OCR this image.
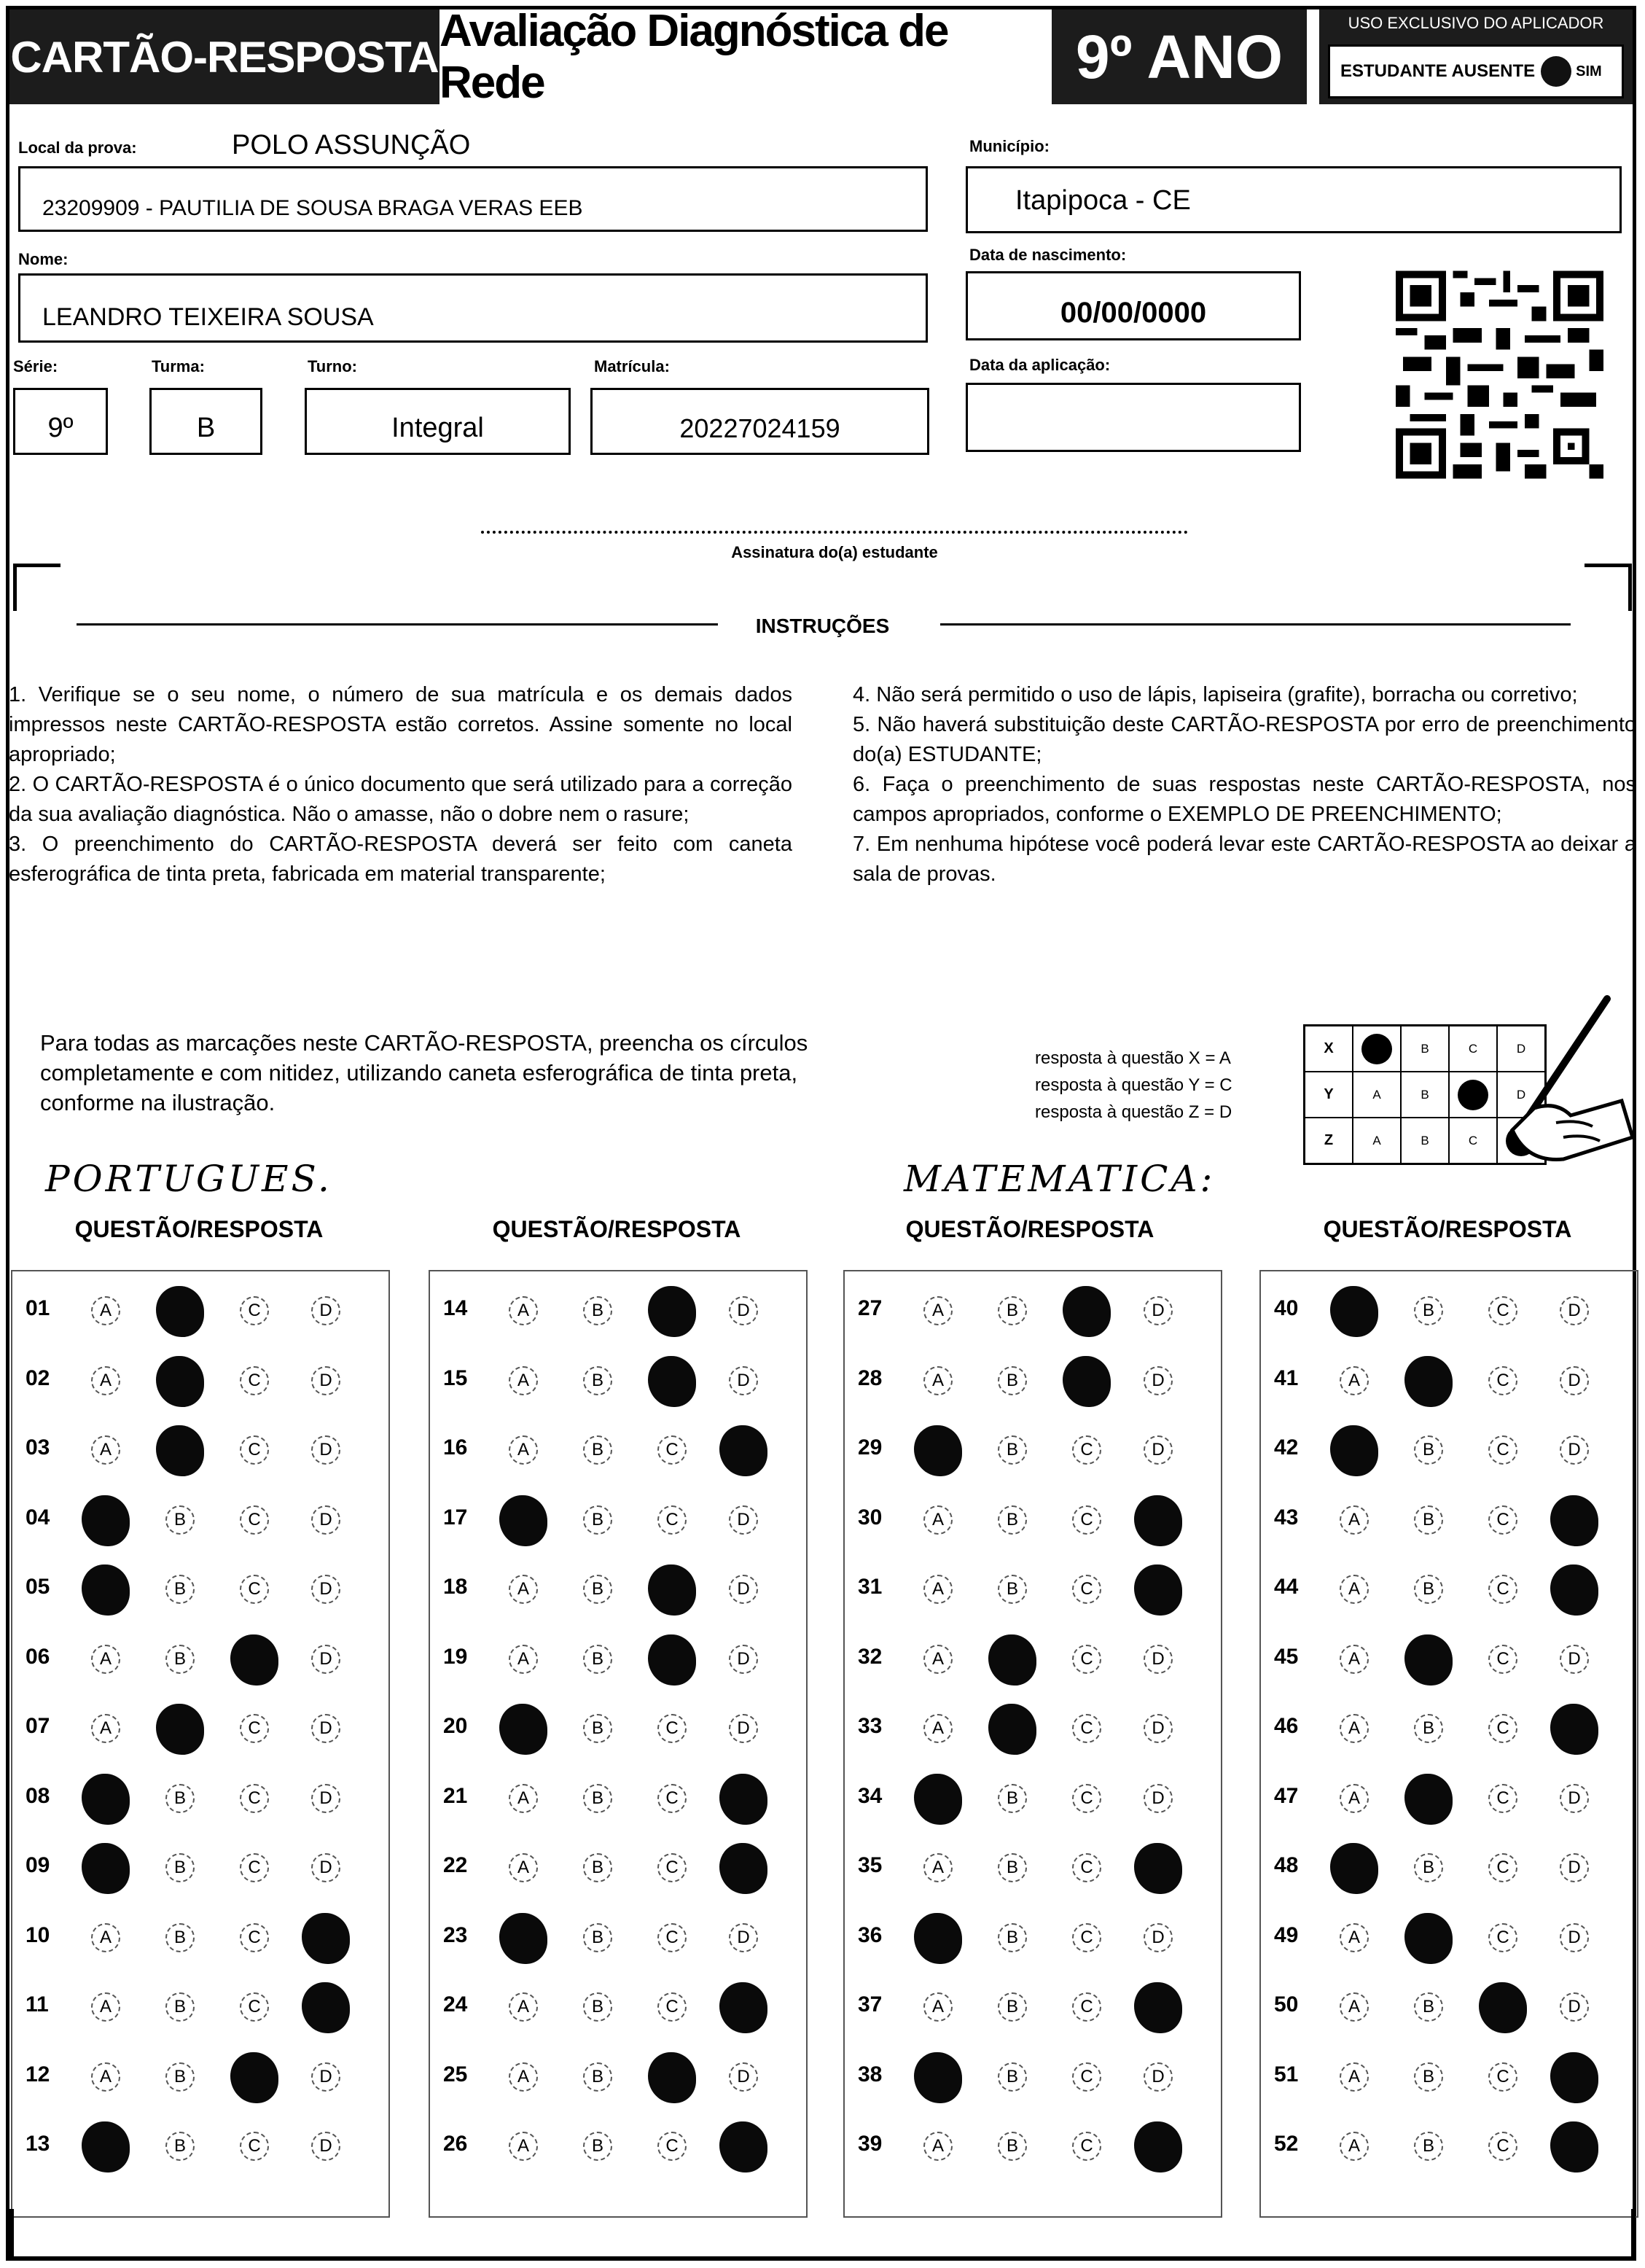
CARTÃO-RESPOSTA
Avaliação Diagnóstica de Rede	9º ANO	USO EXCLUSIVO DO APLICADOR
ESTUDANTE AUSENTE	SIM
Local da prova:	POLO ASSUNÇÃO
23209909 - PAUTILIA DE SOUSA BRAGA VERAS EEB
Município:
Itapipoca - CE
Nome:
LEANDRO TEIXEIRA SOUSA
Data de nascimento:
00/00/0000
Série:
9º
Turma:
B
Turno:
Integral
Matrícula:
20227024159
Data da aplicação:
Assinatura do(a) estudante
INSTRUÇÕES

1. Verifique se o seu nome, o número de sua matrícula e os demais dados impressos neste CARTÃO-RESPOSTA estão corretos. Assine somente no local apropriado;

2. O CARTÃO-RESPOSTA é o único documento que será utilizado para a correção da sua avaliação diagnóstica. Não o amasse, não o dobre nem o rasure;

3. O preenchimento do CARTÃO-RESPOSTA deverá ser feito com caneta esferográfica de tinta preta, fabricada em material transparente;

4. Não será permitido o uso de lápis, lapiseira (grafite), borracha ou corretivo;

5. Não haverá substituição deste CARTÃO-RESPOSTA por erro de preenchimento do(a) ESTUDANTE;

6. Faça o preenchimento de suas respostas neste CARTÃO-RESPOSTA, nos campos apropriados, conforme o EXEMPLO DE PREENCHIMENTO;

7. Em nenhuma hipótese você poderá levar este CARTÃO-RESPOSTA ao deixar a sala de provas.

Para todas as marcações neste CARTÃO-RESPOSTA, preencha os círculos completamente e com nitidez, utilizando caneta esferográfica de tinta preta, conforme na ilustração.
resposta à questão X = A
resposta à questão Y = C
resposta à questão Z = D
X	B	C	D
Y	A	B	D
Z	A	B	C
PORTUGUES.	MATEMATICA:
QUESTÃO/RESPOSTA	QUESTÃO/RESPOSTA	QUESTÃO/RESPOSTA	QUESTÃO/RESPOSTA
01	A	C	D
02	A	C	D
03	A	C	D
04	B	C	D
05	B	C	D
06	A	B	D
07	A	C	D
08	B	C	D
09	B	C	D
10	A	B	C
11	A	B	C
12	A	B	D
13	B	C	D
14	A	B	D
15	A	B	D
16	A	B	C
17	B	C	D
18	A	B	D
19	A	B	D
20	B	C	D
21	A	B	C
22	A	B	C
23	B	C	D
24	A	B	C
25	A	B	D
26	A	B	C
27	A	B	D
28	A	B	D
29	B	C	D
30	A	B	C
31	A	B	C
32	A	C	D
33	A	C	D
34	B	C	D
35	A	B	C
36	B	C	D
37	A	B	C
38	B	C	D
39	A	B	C
40	B	C	D
41	A	C	D
42	B	C	D
43	A	B	C
44	A	B	C
45	A	C	D
46	A	B	C
47	A	C	D
48	B	C	D
49	A	C	D
50	A	B	D
51	A	B	C
52	A	B	C
